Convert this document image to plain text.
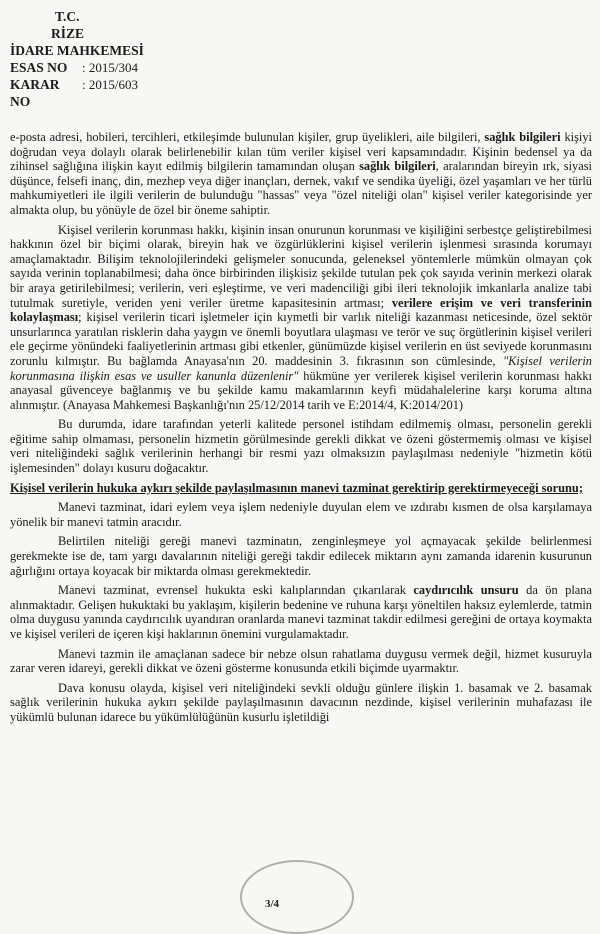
T.C.
RİZE
İDARE MAHKEMESİ
ESAS NO	: 2015/304
KARAR NO
: 2015/603

e-posta adresi, hobileri, tercihleri, etkileşimde bulunulan kişiler, grup üyelikleri, aile bilgileri, sağlık bilgileri kişiyi doğrudan veya dolaylı olarak belirlenebilir kılan tüm veriler kişisel veri kapsamındadır. Kişinin bedensel ya da zihinsel sağlığına ilişkin kayıt edilmiş bilgilerin tamamından oluşan sağlık bilgileri, aralarından bireyin ırk, siyasi düşünce, felsefi inanç, din, mezhep veya diğer inançları, dernek, vakıf ve sendika üyeliği, özel yaşamları ve her türlü mahkumiyetleri ile ilgili verilerin de bulunduğu "hassas" veya "özel niteliği olan" kişisel veriler kategorisinde yer almakta olup, bu yönüyle de özel bir öneme sahiptir.

Kişisel verilerin korunması hakkı, kişinin insan onurunun korunması ve kişiliğini serbestçe geliştirebilmesi hakkının özel bir biçimi olarak, bireyin hak ve özgürlüklerini kişisel verilerin işlenmesi sırasında korumayı amaçlamaktadır. Bilişim teknolojilerindeki gelişmeler sonucunda, geleneksel yöntemlerle mümkün olmayan çok sayıda verinin toplanabilmesi; daha önce birbirinden ilişkisiz şekilde tutulan pek çok sayıda verinin merkezi olarak bir araya getirilebilmesi; verilerin, veri eşleştirme, ve veri madenciliği gibi ileri teknolojik imkanlarla analize tabi tutulmak suretiyle, veriden yeni veriler üretme kapasitesinin artması; verilere erişim ve veri transferinin kolaylaşması; kişisel verilerin ticari işletmeler için kıymetli bir varlık niteliği kazanması neticesinde, özel sektör unsurlarınca yaratılan risklerin daha yaygın ve önemli boyutlara ulaşması ve terör ve suç örgütlerinin kişisel verileri ele geçirme yönündeki faaliyetlerinin artması gibi etkenler, günümüzde kişisel verilerin en üst seviyede korunmasını zorunlu kılmıştır. Bu bağlamda Anayasa'nın 20. maddesinin 3. fıkrasının son cümlesinde, "Kişisel verilerin korunmasına ilişkin esas ve usuller kanunla düzenlenir" hükmüne yer verilerek kişisel verilerin korunması hakkı anayasal güvenceye bağlanmış ve bu şekilde kamu makamlarının keyfi müdahalelerine karşı koruma altına alınmıştır. (Anayasa Mahkemesi Başkanlığı'nın 25/12/2014 tarih ve E:2014/4, K:2014/201)

Bu durumda, idare tarafından yeterli kalitede personel istihdam edilmemiş olması, personelin gerekli eğitime sahip olmaması, personelin hizmetin görülmesinde gerekli dikkat ve özeni göstermemiş olması ve kişisel veri niteliğindeki sağlık verilerinin herhangi bir resmi yazı olmaksızın paylaşılması nedeniyle "hizmetin kötü işlemesinden" dolayı kusuru doğacaktır.

Kişisel verilerin hukuka aykırı şekilde paylaşılmasının manevi tazminat gerektirip gerektirmeyeceği sorunu;

Manevi tazminat, idari eylem veya işlem nedeniyle duyulan elem ve ızdırabı kısmen de olsa karşılamaya yönelik bir manevi tatmin aracıdır.

Belirtilen niteliği gereği manevi tazminatın, zenginleşmeye yol açmayacak şekilde belirlenmesi gerekmekte ise de, tam yargı davalarının niteliği gereği takdir edilecek miktarın aynı zamanda idarenin kusurunun ağırlığını ortaya koyacak bir miktarda olması gerekmektedir.

Manevi tazminat, evrensel hukukta eski kalıplarından çıkarılarak caydırıcılık unsuru da ön plana alınmaktadır. Gelişen hukuktaki bu yaklaşım, kişilerin bedenine ve ruhuna karşı yöneltilen haksız eylemlerde, tatmin olma duygusu yanında caydırıcılık uyandıran oranlarda manevi tazminat takdir edilmesi gereğini de ortaya koymakta ve kişisel verileri de içeren kişi haklarının önemini vurgulamaktadır.

Manevi tazmin ile amaçlanan sadece bir nebze olsun rahatlama duygusu vermek değil, hizmet kusuruyla zarar veren idareyi, gerekli dikkat ve özeni gösterme konusunda etkili biçimde uyarmaktır.

Dava konusu olayda, kişisel veri niteliğindeki sevkli olduğu günlere ilişkin 1. basamak ve 2. basamak sağlık verilerinin hukuka aykırı şekilde paylaşılmasının davacının nezdinde, kişisel verilerinin muhafazası ile yükümlü bulunan idarece bu yükümlülüğünün kusurlu işletildiği

3/4
